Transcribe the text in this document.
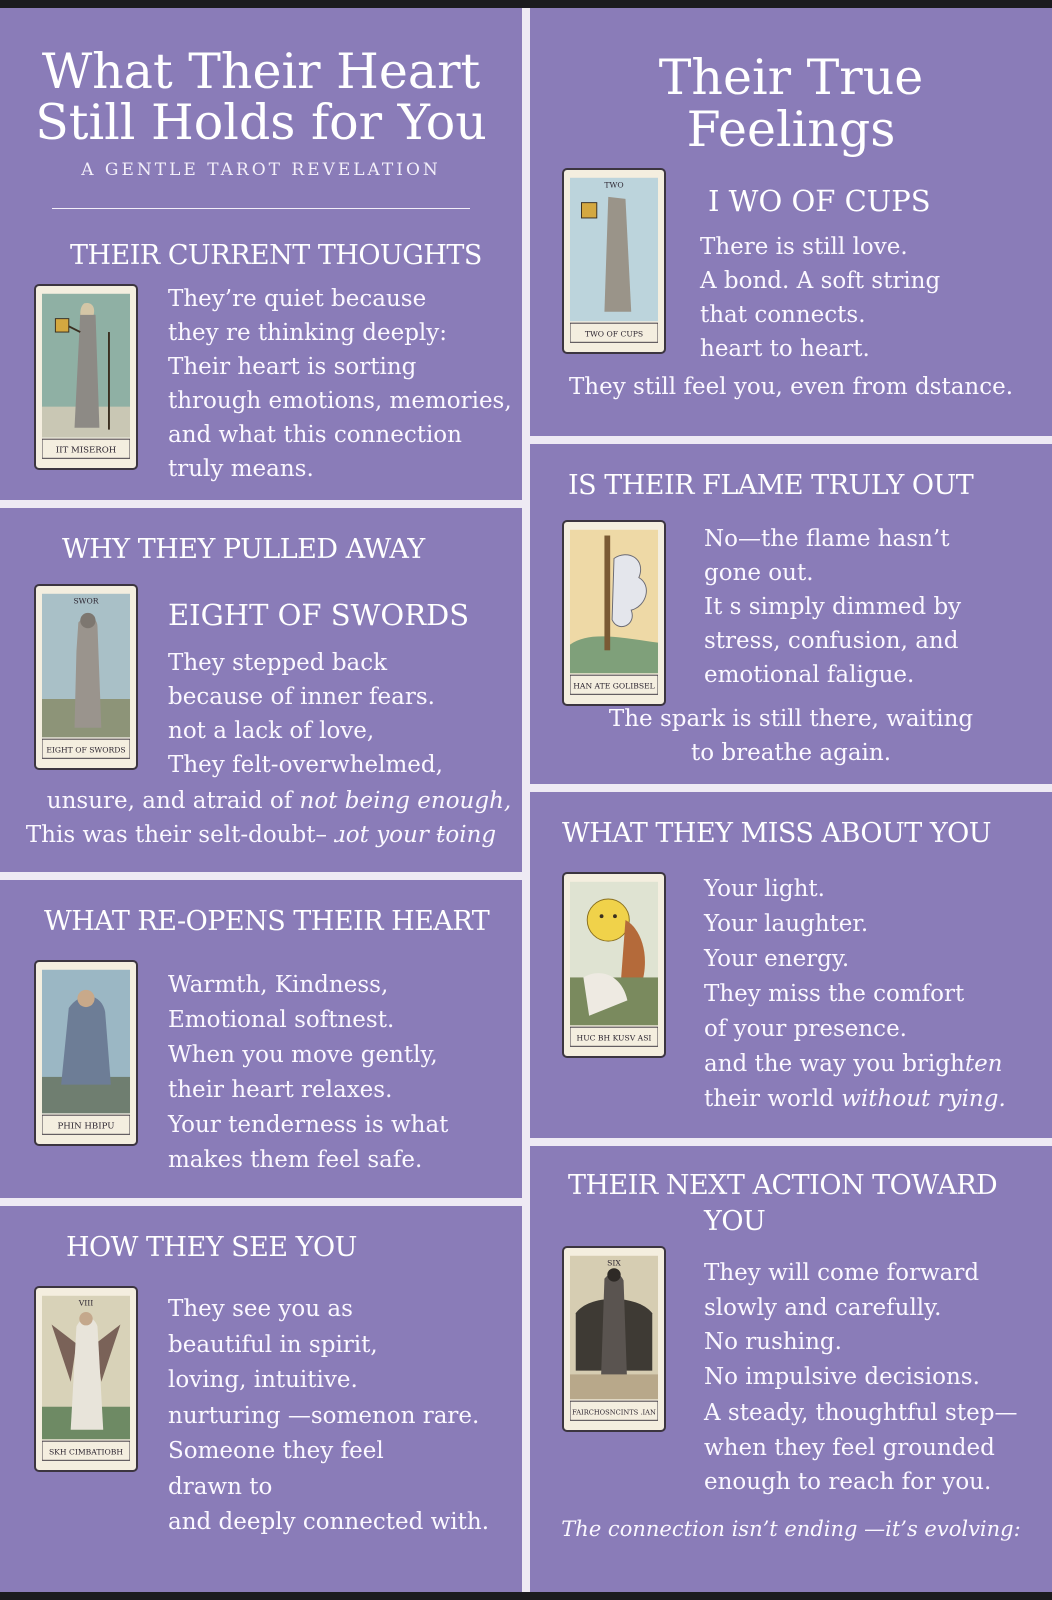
What Their Heart
Still Holds for You
A GENTLE TAROT REVELATION
THEIR CURRENT THOUGHTS
IIT MISEROH
They’re quiet because
they re thinking deeply:
Their heart is sorting
through emotions, memories,
and what this connection
truly means.
WHY THEY PULLED AWAY
SWOR
EIGHT OF SWORDS
EIGHT OF SWORDS
They stepped back
because of inner fears.
not a lack of love,
They felt-overwhelmed,
unsure, and atraid of not being enough,
This was their selt-doubt– ɹot your ŧoing
WHAT RE-OPENS THEIR HEART
PHIN HBIPU
Warmth, Kindness,
Emotional softnest.
When you move gently,
their heart relaxes.
Your tenderness is what
makes them feel safe.
HOW THEY SEE YOU
VIII
SKH CIMBATIOBH
They see you as
beautiful in spirit,
loving, intuitive.
nurturing —somenon rare.
Someone they feel
drawn to
and deeply connected with.
Their True
Feelings
TWO
TWO OF CUPS
I WO OF CUPS
There is still love.
A bond. A soft string
that connects.
heart to heart.
They still feel you, even from dstance.
IS THEIR FLAME TRULY OUT
HAN ATE GOLIBSEL
No—the flame hasn’t
gone out.
It s simply dimmed by
stress, confusion, and
emotional faligue.
The spark is still there, waiting
to breathe again.
WHAT THEY MISS ABOUT YOU
HUC BH KUSV ASI
Your light.
Your laughter.
Your energy.
They miss the comfort
of your presence.
and the way you brighten
their world without rying.
THEIR NEXT ACTION TOWARD
YOU
SIX
FAIRCHOSNCINTS .IAN
They will come forward
slowly and carefully.
No rushing.
No impulsive decisions.
A steady, thoughtful step—
when they feel grounded
enough to reach for you.
The connection isn’t ending —it’s evolving:
